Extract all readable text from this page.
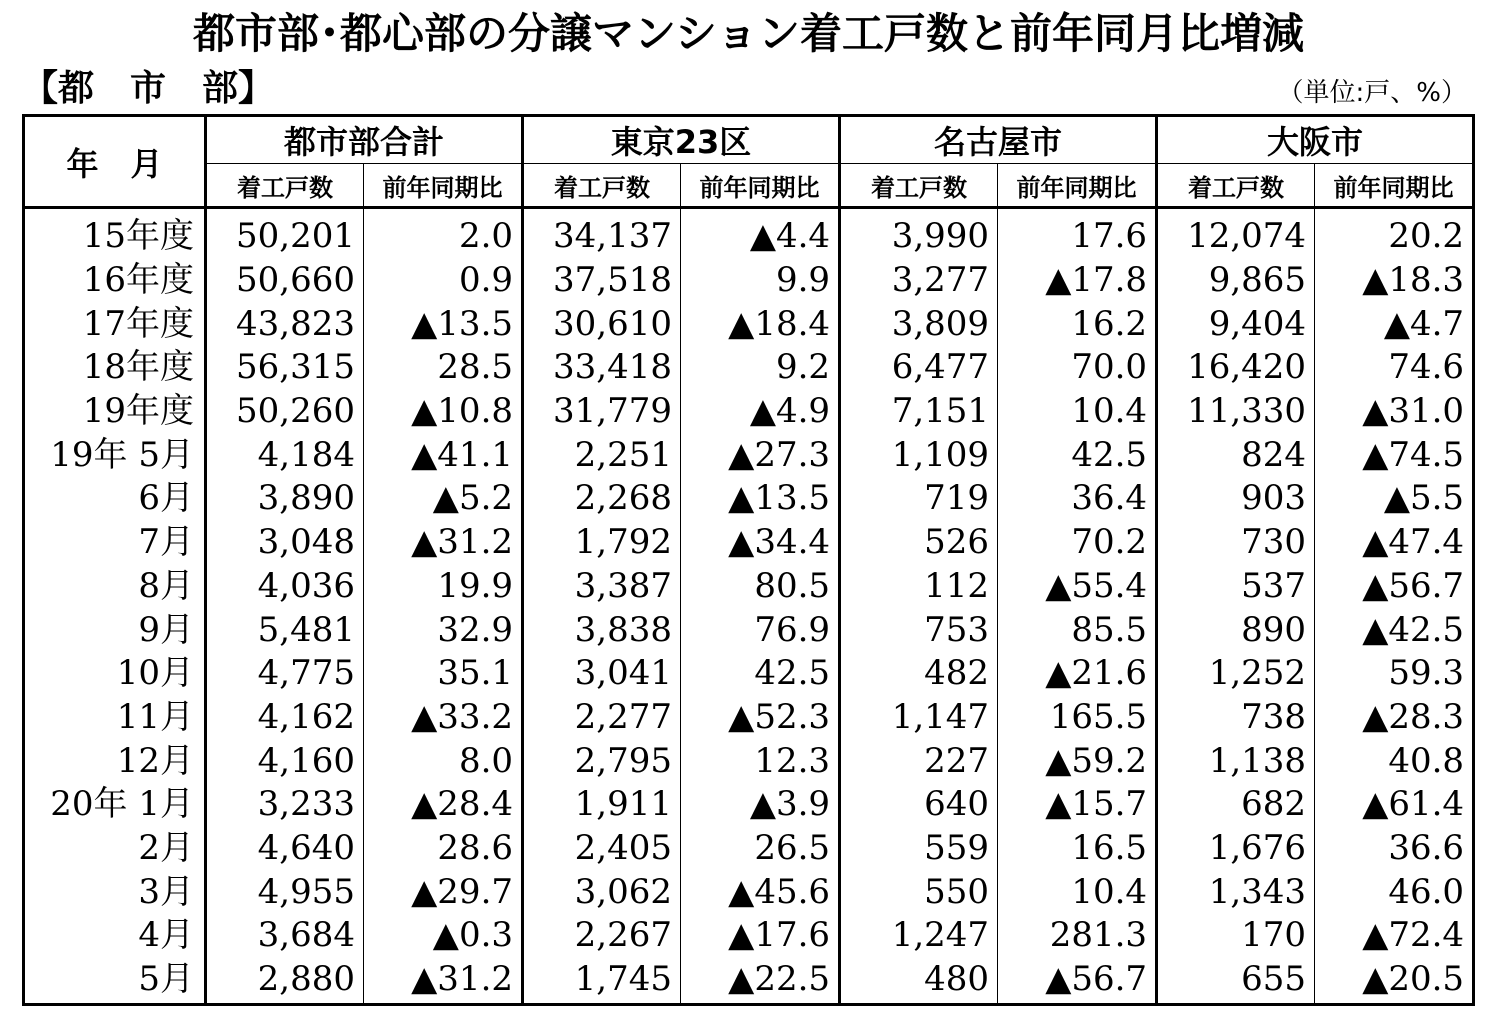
都市部･都心部の分譲マンション着工戸数と前年同月比増減
【都　市　部】	（単位:戸、%）
年　月	都市部合計		東京23区		名古屋市		大阪市	
	着工戸数	前年同期比	着工戸数	前年同期比	着工戸数	前年同期比	着工戸数	前年同期比
15年度	50,201	2.0	34,137	▲4.4	3,990	17.6	12,074	20.2
16年度	50,660	0.9	37,518	9.9	3,277	▲17.8	9,865	▲18.3
17年度	43,823	▲13.5	30,610	▲18.4	3,809	16.2	9,404	▲4.7
18年度	56,315	28.5	33,418	9.2	6,477	70.0	16,420	74.6
19年度	50,260	▲10.8	31,779	▲4.9	7,151	10.4	11,330	▲31.0
19年 5月	4,184	▲41.1	2,251	▲27.3	1,109	42.5	824	▲74.5
6月	3,890	▲5.2	2,268	▲13.5	719	36.4	903	▲5.5
7月	3,048	▲31.2	1,792	▲34.4	526	70.2	730	▲47.4
8月	4,036	19.9	3,387	80.5	112	▲55.4	537	▲56.7
9月	5,481	32.9	3,838	76.9	753	85.5	890	▲42.5
10月	4,775	35.1	3,041	42.5	482	▲21.6	1,252	59.3
11月	4,162	▲33.2	2,277	▲52.3	1,147	165.5	738	▲28.3
12月	4,160	8.0	2,795	12.3	227	▲59.2	1,138	40.8
20年 1月	3,233	▲28.4	1,911	▲3.9	640	▲15.7	682	▲61.4
2月	4,640	28.6	2,405	26.5	559	16.5	1,676	36.6
3月	4,955	▲29.7	3,062	▲45.6	550	10.4	1,343	46.0
4月	3,684	▲0.3	2,267	▲17.6	1,247	281.3	170	▲72.4
5月	2,880	▲31.2	1,745	▲22.5	480	▲56.7	655	▲20.5
